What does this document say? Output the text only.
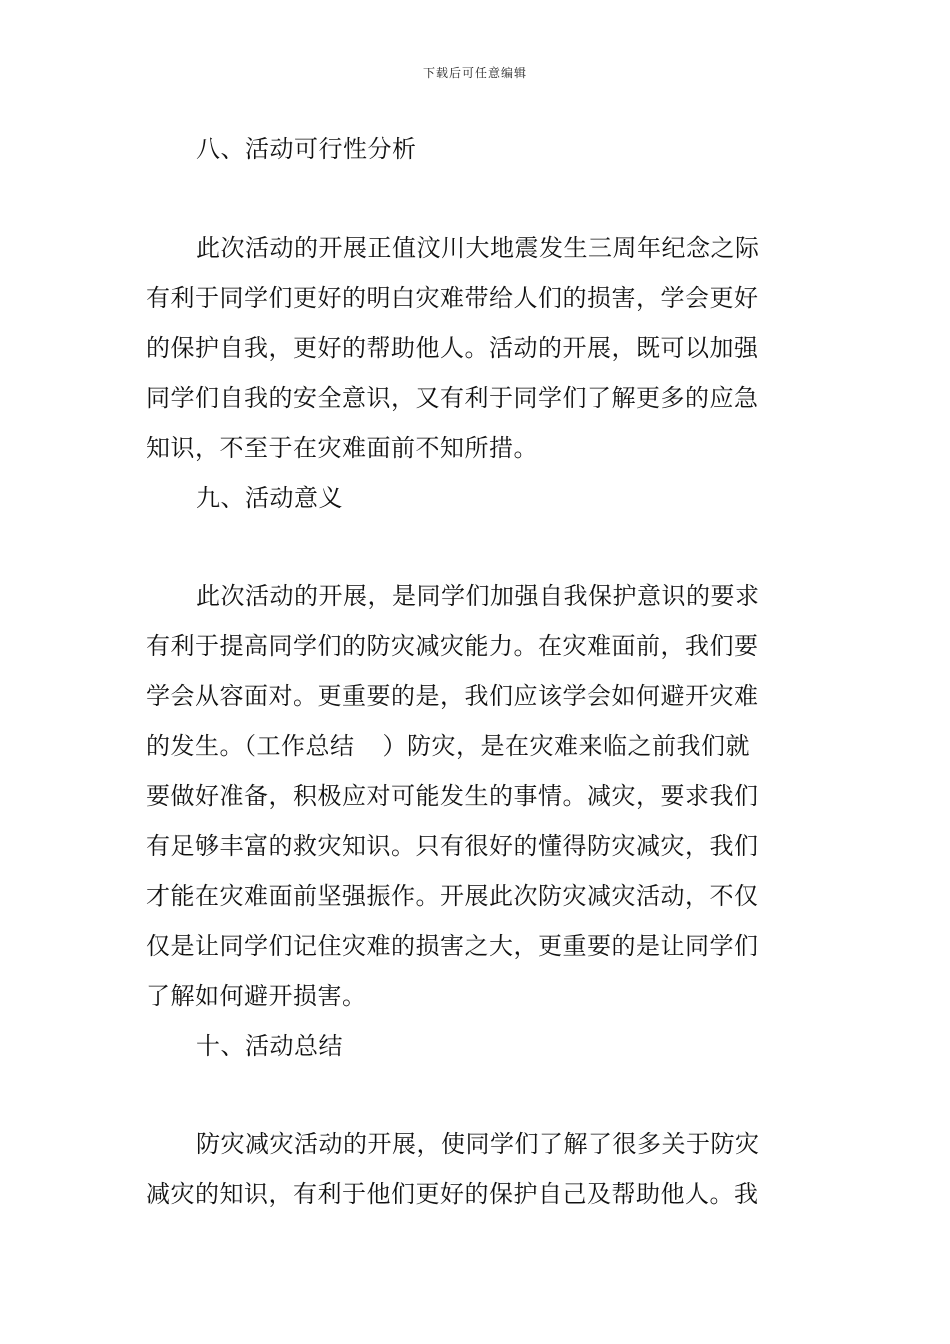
下载后可任意编辑
八、活动可行性分析
此次活动的开展正值汶川大地震发生三周年纪念之际
有利于同学们更好的明白灾难带给人们的损害，学会更好
的保护自我，更好的帮助他人。活动的开展，既可以加强
同学们自我的安全意识，又有利于同学们了解更多的应急
知识，不至于在灾难面前不知所措。
九、活动意义
此次活动的开展，是同学们加强自我保护意识的要求
有利于提高同学们的防灾减灾能力。在灾难面前，我们要
学会从容面对。更重要的是，我们应该学会如何避开灾难
的发生。（工作总结 ）防灾，是在灾难来临之前我们就
要做好准备，积极应对可能发生的事情。减灾，要求我们
有足够丰富的救灾知识。只有很好的懂得防灾减灾，我们
才能在灾难面前坚强振作。开展此次防灾减灾活动，不仅
仅是让同学们记住灾难的损害之大，更重要的是让同学们
了解如何避开损害。
十、活动总结
防灾减灾活动的开展，使同学们了解了很多关于防灾
减灾的知识，有利于他们更好的保护自己及帮助他人。我
